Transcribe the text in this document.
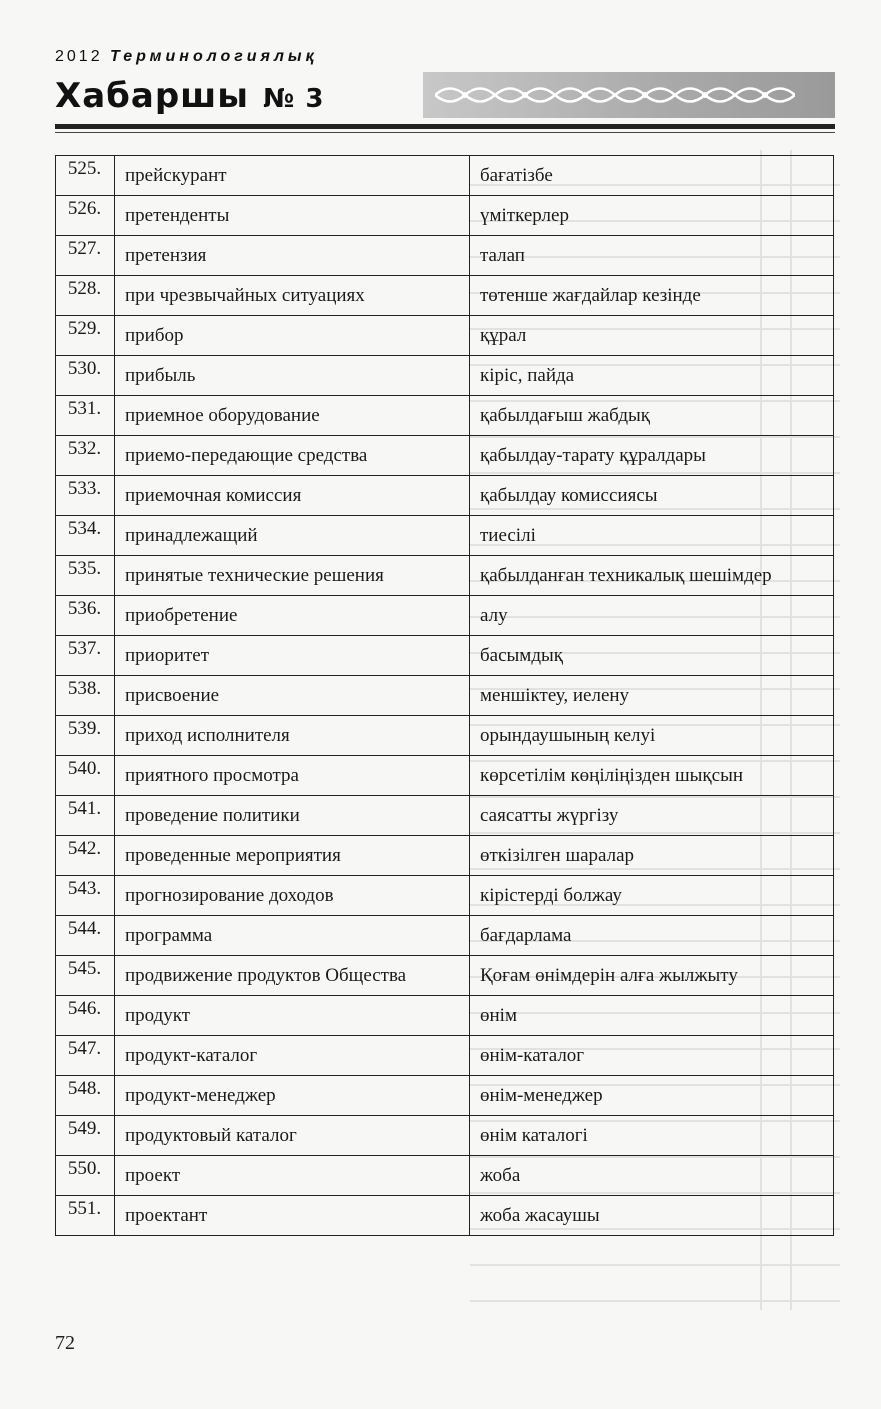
2012 Терминологиялық
Хабаршы № 3
525.	прейскурант	бағатізбе
526.	претенденты	үміткерлер
527.	претензия	талап
528.	при чрезвычайных ситуациях	төтенше жағдайлар кезінде
529.	прибор	құрал
530.	прибыль	кіріс, пайда
531.	приемное оборудование	қабылдағыш жабдық
532.	приемо-передающие средства	қабылдау-тарату құралдары
533.	приемочная комиссия	қабылдау комиссиясы
534.	принадлежащий	тиесілі
535.	принятые технические решения	қабылданған техникалық шешімдер
536.	приобретение	алу
537.	приоритет	басымдық
538.	присвоение	меншіктеу, иелену
539.	приход исполнителя	орындаушының келуі
540.	приятного просмотра	көрсетілім көңіліңізден шықсын
541.	проведение политики	саясатты жүргізу
542.	проведенные мероприятия	өткізілген шаралар
543.	прогнозирование доходов	кірістерді болжау
544.	программа	бағдарлама
545.	продвижение продуктов Общества	Қоғам өнімдерін алға жылжыту
546.	продукт	өнім
547.	продукт-каталог	өнім-каталог
548.	продукт-менеджер	өнім-менеджер
549.	продуктовый каталог	өнім каталогі
550.	проект	жоба
551.	проектант	жоба жасаушы
72
